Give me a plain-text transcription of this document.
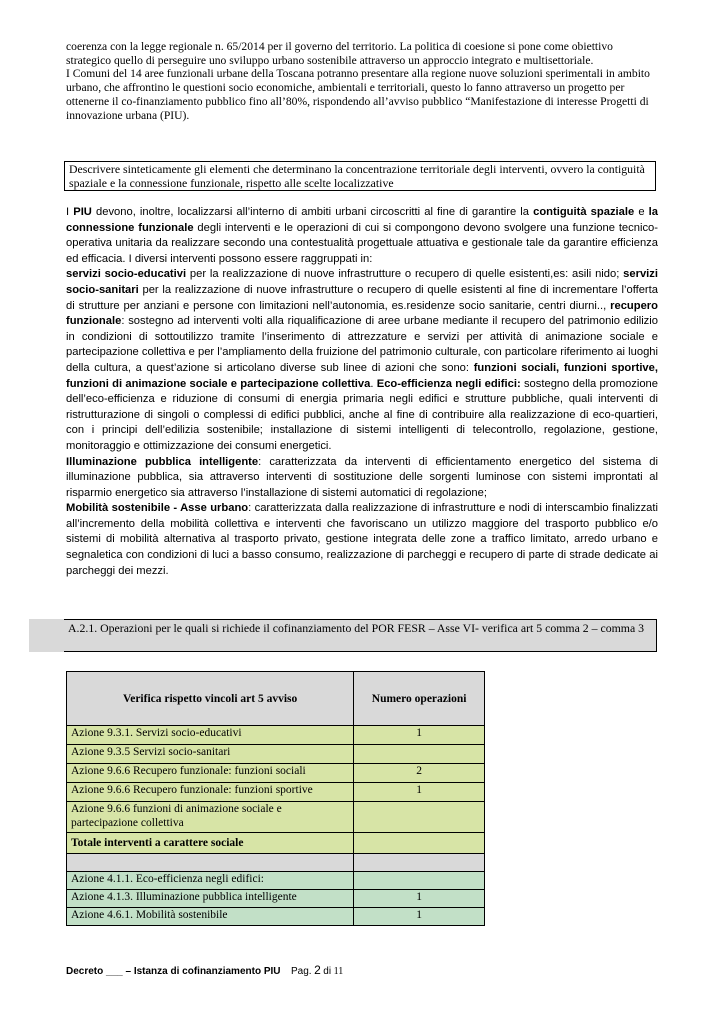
coerenza con la legge regionale n. 65/2014 per il governo del territorio. La politica di coesione si pone come obiettivo strategico quello di perseguire uno sviluppo urbano sostenibile attraverso un approccio integrato e multisettoriale.

I Comuni del 14 aree funzionali urbane della Toscana potranno presentare alla regione nuove soluzioni sperimentali in ambito urbano, che affrontino le questioni socio economiche, ambientali e territoriali, questo lo fanno attraverso un progetto per ottenerne il co-finanziamento pubblico fino all’80%, rispondendo all’avviso pubblico “Manifestazione di interesse Progetti di innovazione urbana (PIU).

Descrivere sinteticamente gli elementi che determinano la concentrazione territoriale degli interventi, ovvero la contiguità spaziale e la connessione funzionale, rispetto alle scelte localizzative

I PIU devono, inoltre, localizzarsi all’interno di ambiti urbani circoscritti al fine di garantire la contiguità spaziale e la connessione funzionale degli interventi e le operazioni di cui si compongono devono svolgere una funzione tecnico-operativa unitaria da realizzare secondo una contestualità progettuale attuativa e gestionale tale da garantire efficienza ed efficacia. I diversi interventi possono essere raggruppati in:
servizi socio-educativi per la realizzazione di nuove infrastrutture o recupero di quelle esistenti,es: asili nido; servizi socio-sanitari per la realizzazione di nuove infrastrutture o recupero di quelle esistenti al fine di incrementare l’offerta di strutture per anziani e persone con limitazioni nell’autonomia, es.residenze socio sanitarie, centri diurni.., recupero funzionale: sostegno ad interventi volti alla riqualificazione di aree urbane mediante il recupero del patrimonio edilizio in condizioni di sottoutilizzo tramite l’inserimento di attrezzature e servizi per attività di animazione sociale e partecipazione collettiva e per l’ampliamento della fruizione del patrimonio culturale, con particolare riferimento ai luoghi della cultura, a quest’azione si articolano diverse sub linee di azioni che sono: funzioni sociali, funzioni sportive, funzioni di animazione sociale e partecipazione collettiva. Eco-efficienza negli edifici: sostegno della promozione dell’eco-efficienza e riduzione di consumi di energia primaria negli edifici e strutture pubbliche, quali interventi di ristrutturazione di singoli o complessi di edifici pubblici, anche al fine di contribuire alla realizzazione di eco-quartieri, con i principi dell’edilizia sostenibile; installazione di sistemi intelligenti di telecontrollo, regolazione, gestione, monitoraggio e ottimizzazione dei consumi energetici.
Illuminazione pubblica intelligente: caratterizzata da interventi di efficientamento energetico del sistema di illuminazione pubblica, sia attraverso interventi di sostituzione delle sorgenti luminose con sistemi improntati al risparmio energetico sia attraverso l’installazione di sistemi automatici di regolazione;
Mobilità sostenibile - Asse urbano: caratterizzata dalla realizzazione di infrastrutture e nodi di interscambio finalizzati all’incremento della mobilità collettiva e interventi che favoriscano un utilizzo maggiore del trasporto pubblico e/o sistemi di mobilità alternativa al trasporto privato, gestione integrata delle zone a traffico limitato, arredo urbano e segnaletica con condizioni di luci a basso consumo, realizzazione di parcheggi e recupero di parte di strade dedicate ai parcheggi dei mezzi.

A.2.1. Operazioni per le quali si richiede il cofinanziamento del POR FESR – Asse VI- verifica art 5 comma 2 – comma 3
Verifica rispetto vincoli art 5 avviso	Numero operazioni
Azione 9.3.1. Servizi socio-educativi	1
Azione 9.3.5 Servizi socio-sanitari	
Azione 9.6.6 Recupero funzionale: funzioni sociali	2
Azione 9.6.6 Recupero funzionale: funzioni sportive	1
Azione 9.6.6 funzioni di animazione sociale e partecipazione collettiva	
Totale interventi a carattere sociale	

Azione 4.1.1. Eco-efficienza negli edifici:	
Azione 4.1.3. Illuminazione pubblica intelligente	1
Azione 4.6.1. Mobilità sostenibile	1
Decreto ___ – Istanza di cofinanziamento PIU Pag. 2 di 11
